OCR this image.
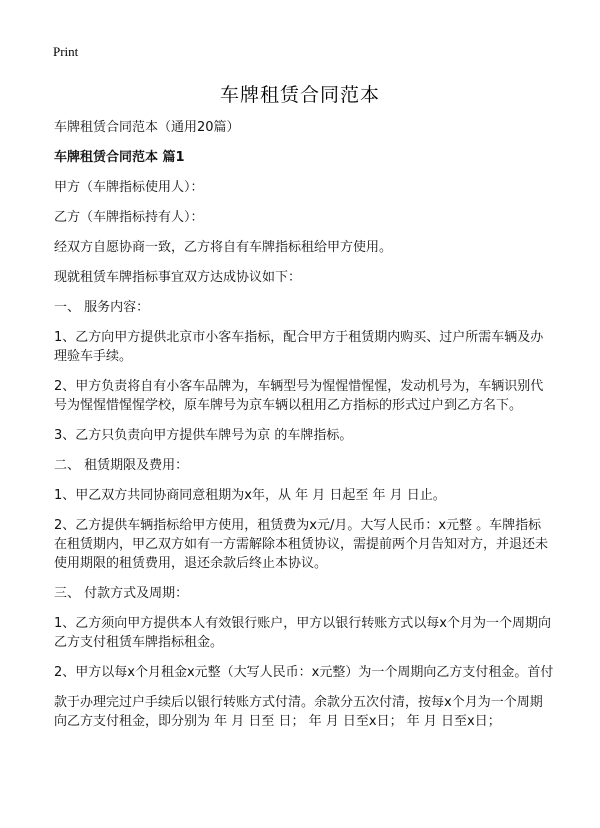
Print
车牌租赁合同范本

车牌租赁合同范本（通用20篇）

车牌租赁合同范本 篇1

甲方（车牌指标使用人）：

乙方（车牌指标持有人）：

经双方自愿协商一致，乙方将自有车牌指标租给甲方使用。

现就租赁车牌指标事宜双方达成协议如下：

一、 服务内容：

1、乙方向甲方提供北京市小客车指标，配合甲方于租赁期内购买、过户所需车辆及办理验车手续。

2、甲方负责将自有小客车品牌为，车辆型号为惺惺惜惺惺，发动机号为，车辆识别代号为惺惺惜惺惺学校，原车牌号为京车辆以租用乙方指标的形式过户到乙方名下。

3、乙方只负责向甲方提供车牌号为京 的车牌指标。

二、 租赁期限及费用：

1、甲乙双方共同协商同意租期为x年，从 年 月 日起至 年 月 日止。

2、乙方提供车辆指标给甲方使用，租赁费为x元/月。大写人民币：x元整 。车牌指标在租赁期内，甲乙双方如有一方需解除本租赁协议，需提前两个月告知对方，并退还未使用期限的租赁费用，退还余款后终止本协议。

三、 付款方式及周期：

1、乙方须向甲方提供本人有效银行账户，甲方以银行转账方式以每x个月为一个周期向乙方支付租赁车牌指标租金。

2、甲方以每x个月租金x元整（大写人民币：x元整）为一个周期向乙方支付租金。首付

款于办理完过户手续后以银行转账方式付清。余款分五次付清，按每x个月为一个周期向乙方支付租金，即分别为 年 月 日至 日； 年 月 日至x日； 年 月 日至x日；
